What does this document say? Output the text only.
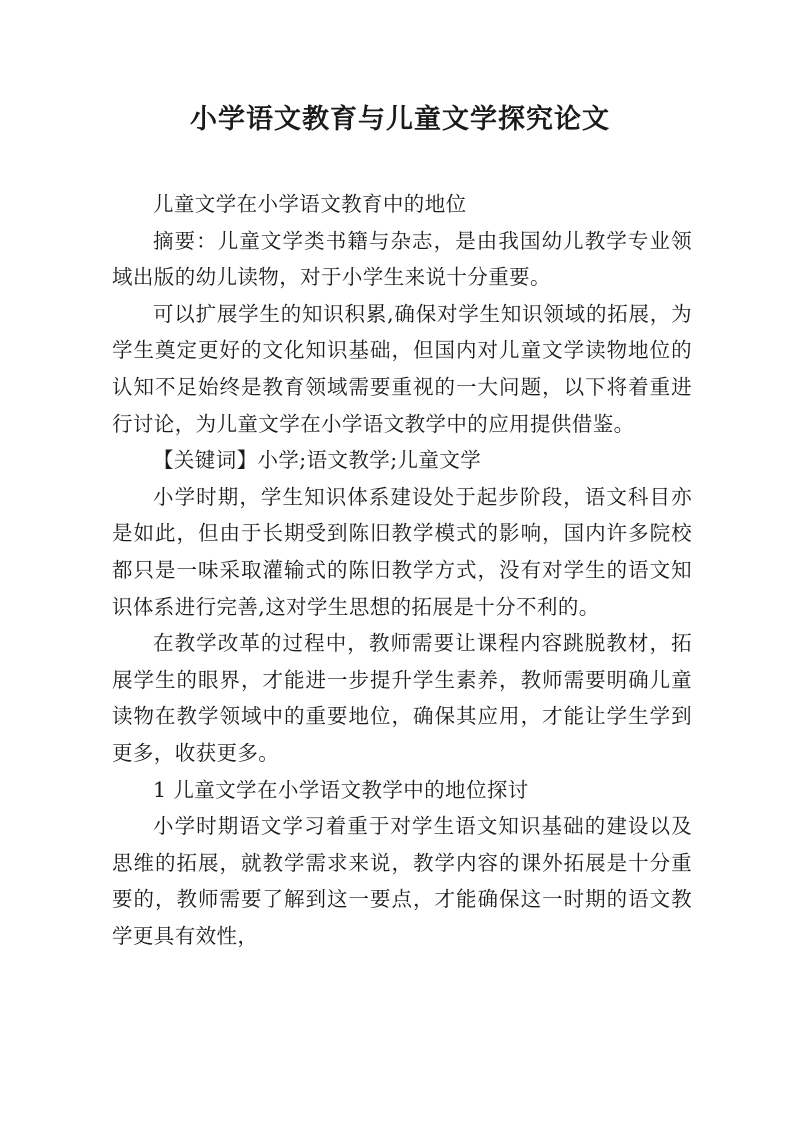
小学语文教育与儿童文学探究论文

儿童文学在小学语文教育中的地位

摘要：儿童文学类书籍与杂志，是由我国幼儿教学专业领域出版的幼儿读物，对于小学生来说十分重要。

可以扩展学生的知识积累,确保对学生知识领域的拓展，为学生奠定更好的文化知识基础，但国内对儿童文学读物地位的认知不足始终是教育领域需要重视的一大问题，以下将着重进行讨论，为儿童文学在小学语文教学中的应用提供借鉴。

【关键词】小学;语文教学;儿童文学

小学时期，学生知识体系建设处于起步阶段，语文科目亦是如此，但由于长期受到陈旧教学模式的影响，国内许多院校都只是一味采取灌输式的陈旧教学方式，没有对学生的语文知识体系进行完善,这对学生思想的拓展是十分不利的。

在教学改革的过程中，教师需要让课程内容跳脱教材，拓展学生的眼界，才能进一步提升学生素养，教师需要明确儿童读物在教学领域中的重要地位，确保其应用，才能让学生学到更多，收获更多。

1 儿童文学在小学语文教学中的地位探讨

小学时期语文学习着重于对学生语文知识基础的建设以及思维的拓展，就教学需求来说，教学内容的课外拓展是十分重要的，教师需要了解到这一要点，才能确保这一时期的语文教学更具有效性，
